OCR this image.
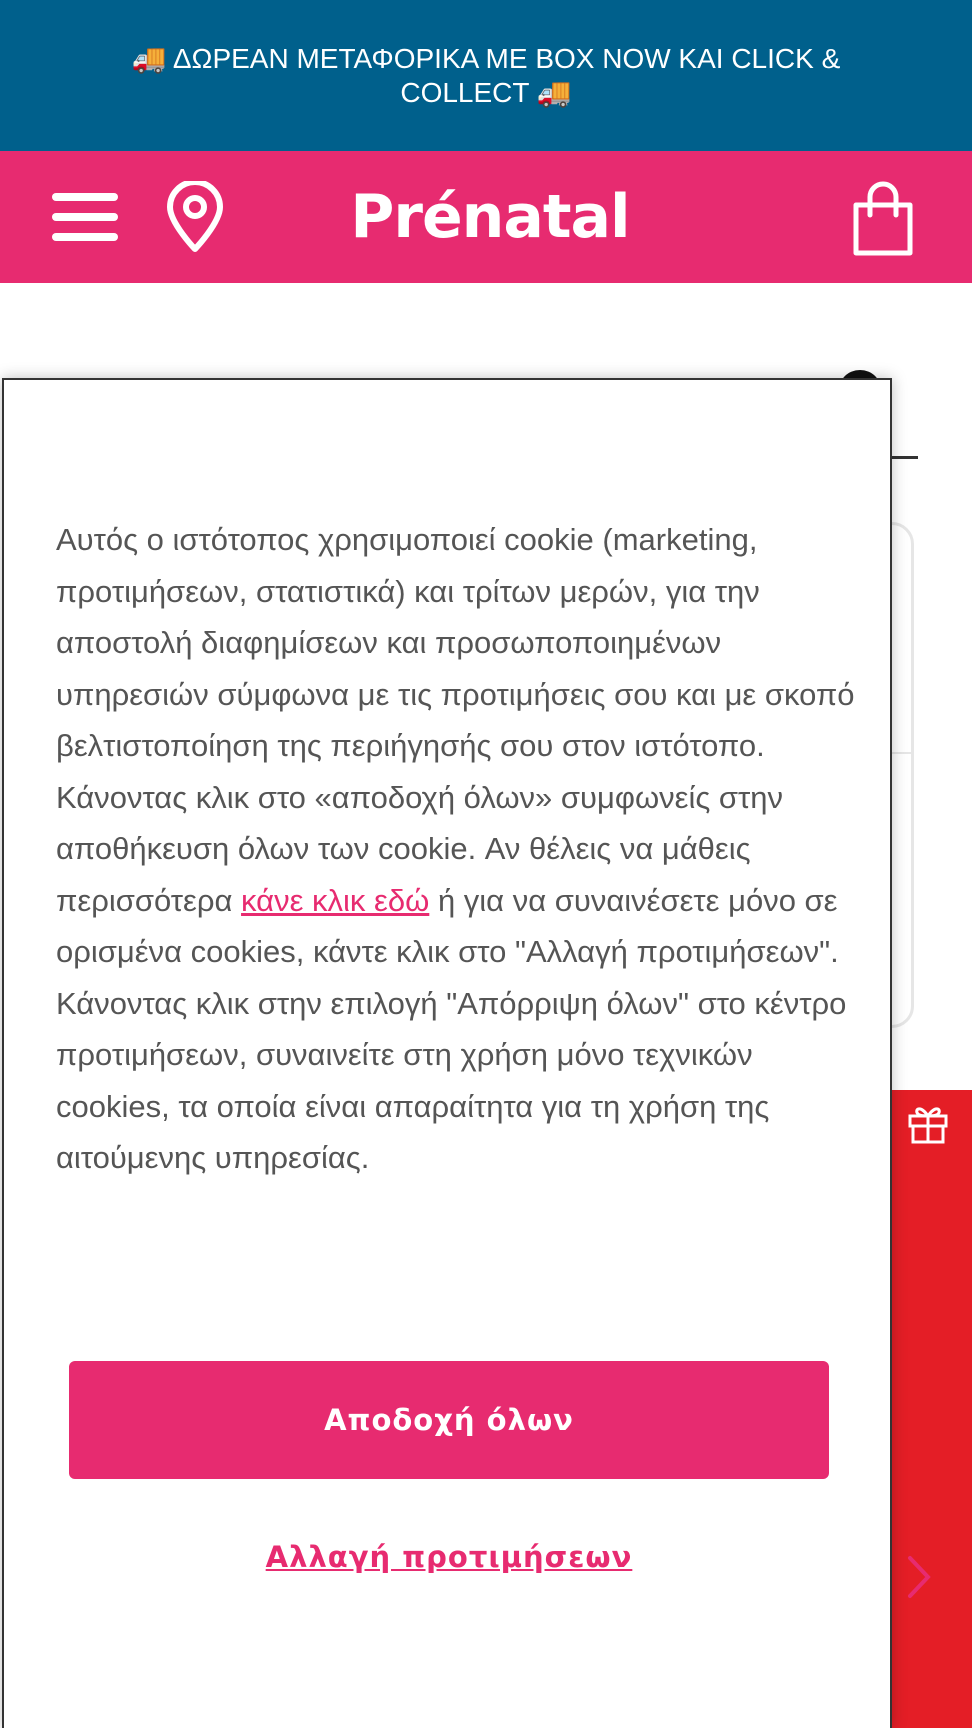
🚚 ΔΩΡΕΑΝ ΜΕΤΑΦΟΡΙΚΑ ΜΕ BOX NOW ΚΑΙ CLICK & COLLECT 🚚
Prénatal
Αυτός ο ιστότοπος χρησιμοποιεί cookie (marketing, προτιμήσεων, στατιστικά) και τρίτων μερών, για την αποστολή διαφημίσεων και προσωποποιημένων υπηρεσιών σύμφωνα με τις προτιμήσεις σου και με σκοπό βελτιστοποίηση της περιήγησής σου στον ιστότοπο. Κάνοντας κλικ στο «αποδοχή όλων» συμφωνείς στην αποθήκευση όλων των cookie. Αν θέλεις να μάθεις περισσότερα κάνε κλικ εδώ ή για να συναινέσετε μόνο σε ορισμένα cookies, κάντε κλικ στο "Αλλαγή προτιμήσεων". Κάνοντας κλικ στην επιλογή "Απόρριψη όλων" στο κέντρο προτιμήσεων, συναινείτε στη χρήση μόνο τεχνικών cookies, τα οποία είναι απαραίτητα για τη χρήση της αιτούμενης υπηρεσίας.
Αποδοχή όλων
Αλλαγή προτιμήσεων
